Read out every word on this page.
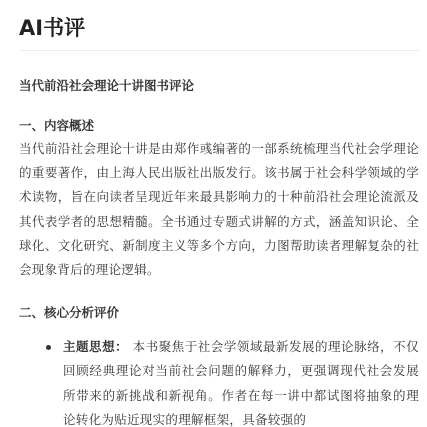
AI书评
当代前沿社会理论十讲图书评论
一、内容概述

当代前沿社会理论十讲是由郑作彧编著的一部系统梳理当代社会学理论的重要著作，由上海人民出版社出版发行。该书属于社会科学领域的学术读物，旨在向读者呈现近年来最具影响力的十种前沿社会理论流派及其代表学者的思想精髓。全书通过专题式讲解的方式，涵盖知识论、全球化、文化研究、新制度主义等多个方向，力图帮助读者理解复杂的社会现象背后的理论逻辑。

二、核心分析评价
主题思想： 本书聚焦于社会学领域最新发展的理论脉络，不仅回顾经典理论对当前社会问题的解释力，更强调现代社会发展所带来的新挑战和新视角。作者在每一讲中都试图将抽象的理论转化为贴近现实的理解框架，具备较强的
